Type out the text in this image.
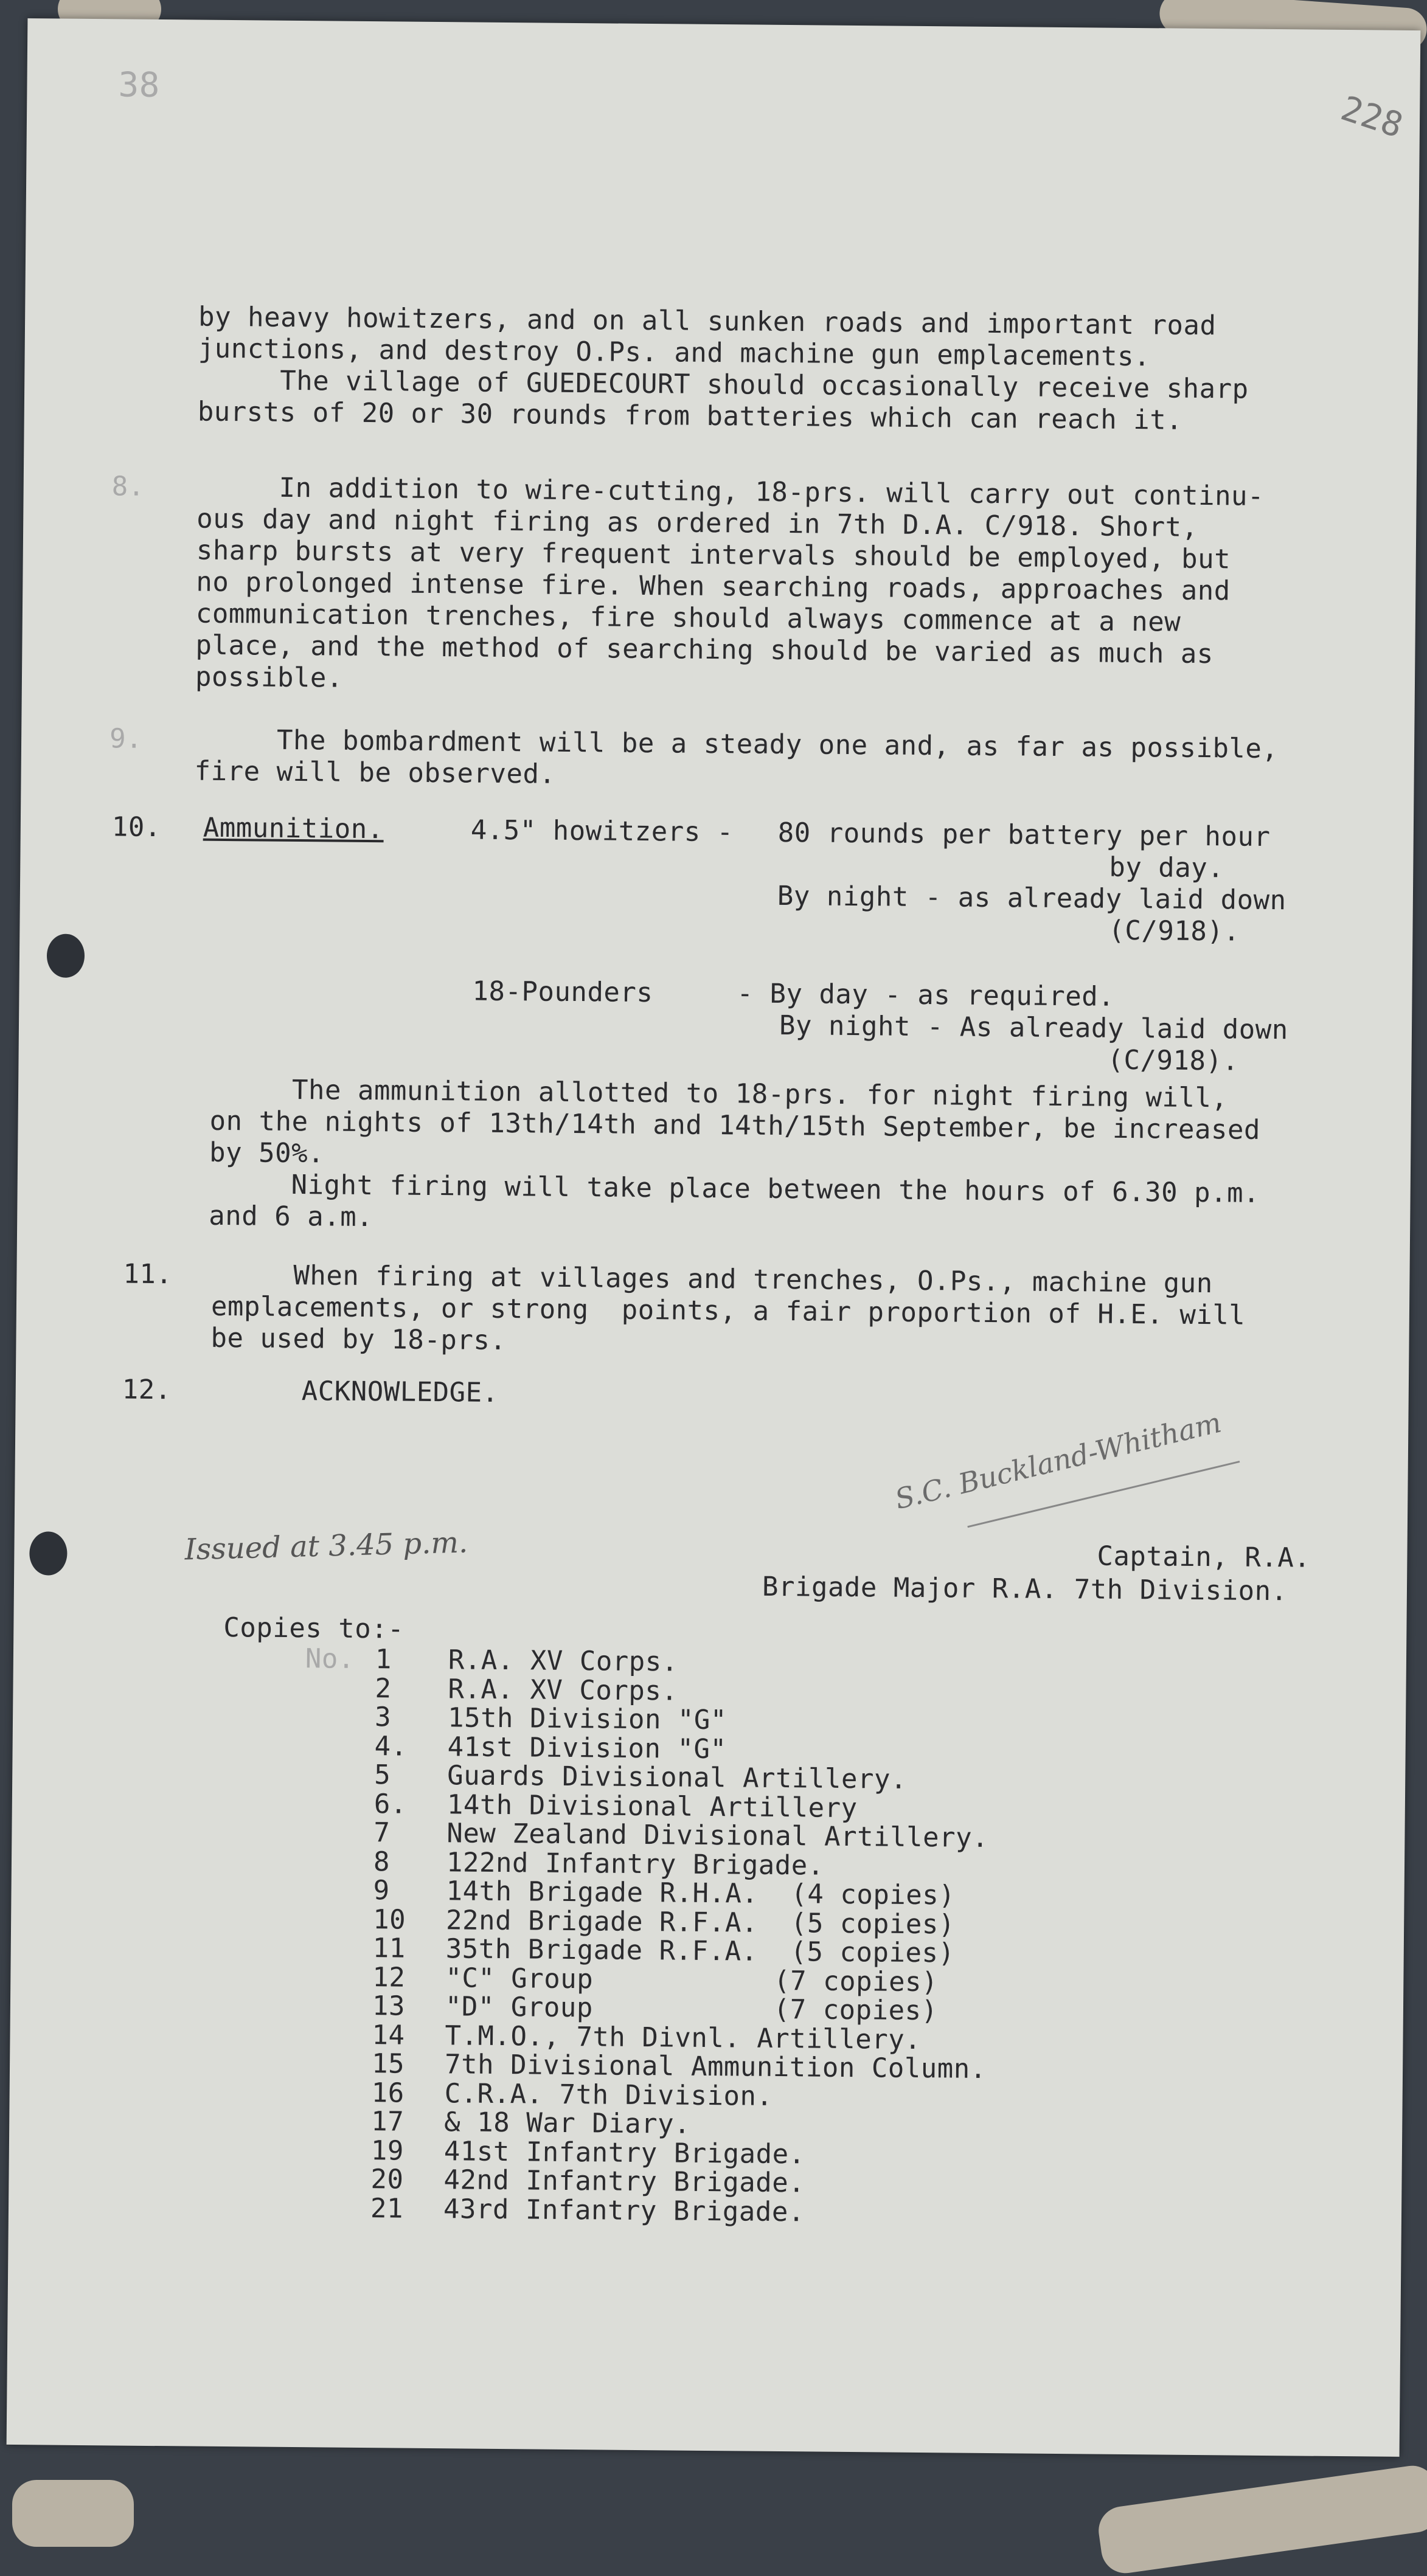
38
228
by heavy howitzers, and on all sunken roads and important road
junctions, and destroy O.Ps. and machine gun emplacements.
The village of GUEDECOURT should occasionally receive sharp
bursts of 20 or 30 rounds from batteries which can reach it.
8. In addition to wire-cutting, 18-prs. will carry out continu-
ous day and night firing as ordered in 7th D.A. C/918. Short,
sharp bursts at very frequent intervals should be employed, but
no prolonged intense fire. When searching roads, approaches and
communication trenches, fire should always commence at a new
place, and the method of searching should be varied as much as
possible.
9. The bombardment will be a steady one and, as far as possible,
fire will be observed.
10. Ammunition.	4.5" howitzers - 80 rounds per battery per hour
by day.
By night - as already laid down
(C/918).
18-Pounders	- By day - as required.
By night - As already laid down
(C/918).
The ammunition allotted to 18-prs. for night firing will,
on the nights of 13th/14th and 14th/15th September, be increased
by 50%.
Night firing will take place between the hours of 6.30 p.m.
and 6 a.m.
11. When firing at villages and trenches, O.Ps., machine gun
emplacements, or strong  points, a fair proportion of H.E. will
be used by 18-prs.
12.	ACKNOWLEDGE.
S.C. Buckland-Whitham
Captain, R.A.
Brigade Major R.A. 7th Division.
Issued at 3.45 p.m.
Copies to:-
No. 1 R.A. XV Corps.
2 R.A. XV Corps.
3 15th Division "G"
4. 41st Division "G"
5 Guards Divisional Artillery.
6. 14th Divisional Artillery
7 New Zealand Divisional Artillery.
8 122nd Infantry Brigade.
9 14th Brigade R.H.A.  (4 copies)
10 22nd Brigade R.F.A.  (5 copies)
11 35th Brigade R.F.A.  (5 copies)
12 "C" Group           (7 copies)
13 "D" Group           (7 copies)
14 T.M.O., 7th Divnl. Artillery.
15 7th Divisional Ammunition Column.
16 C.R.A. 7th Division.
17 & 18 War Diary.
19 41st Infantry Brigade.
20 42nd Infantry Brigade.
21 43rd Infantry Brigade.
